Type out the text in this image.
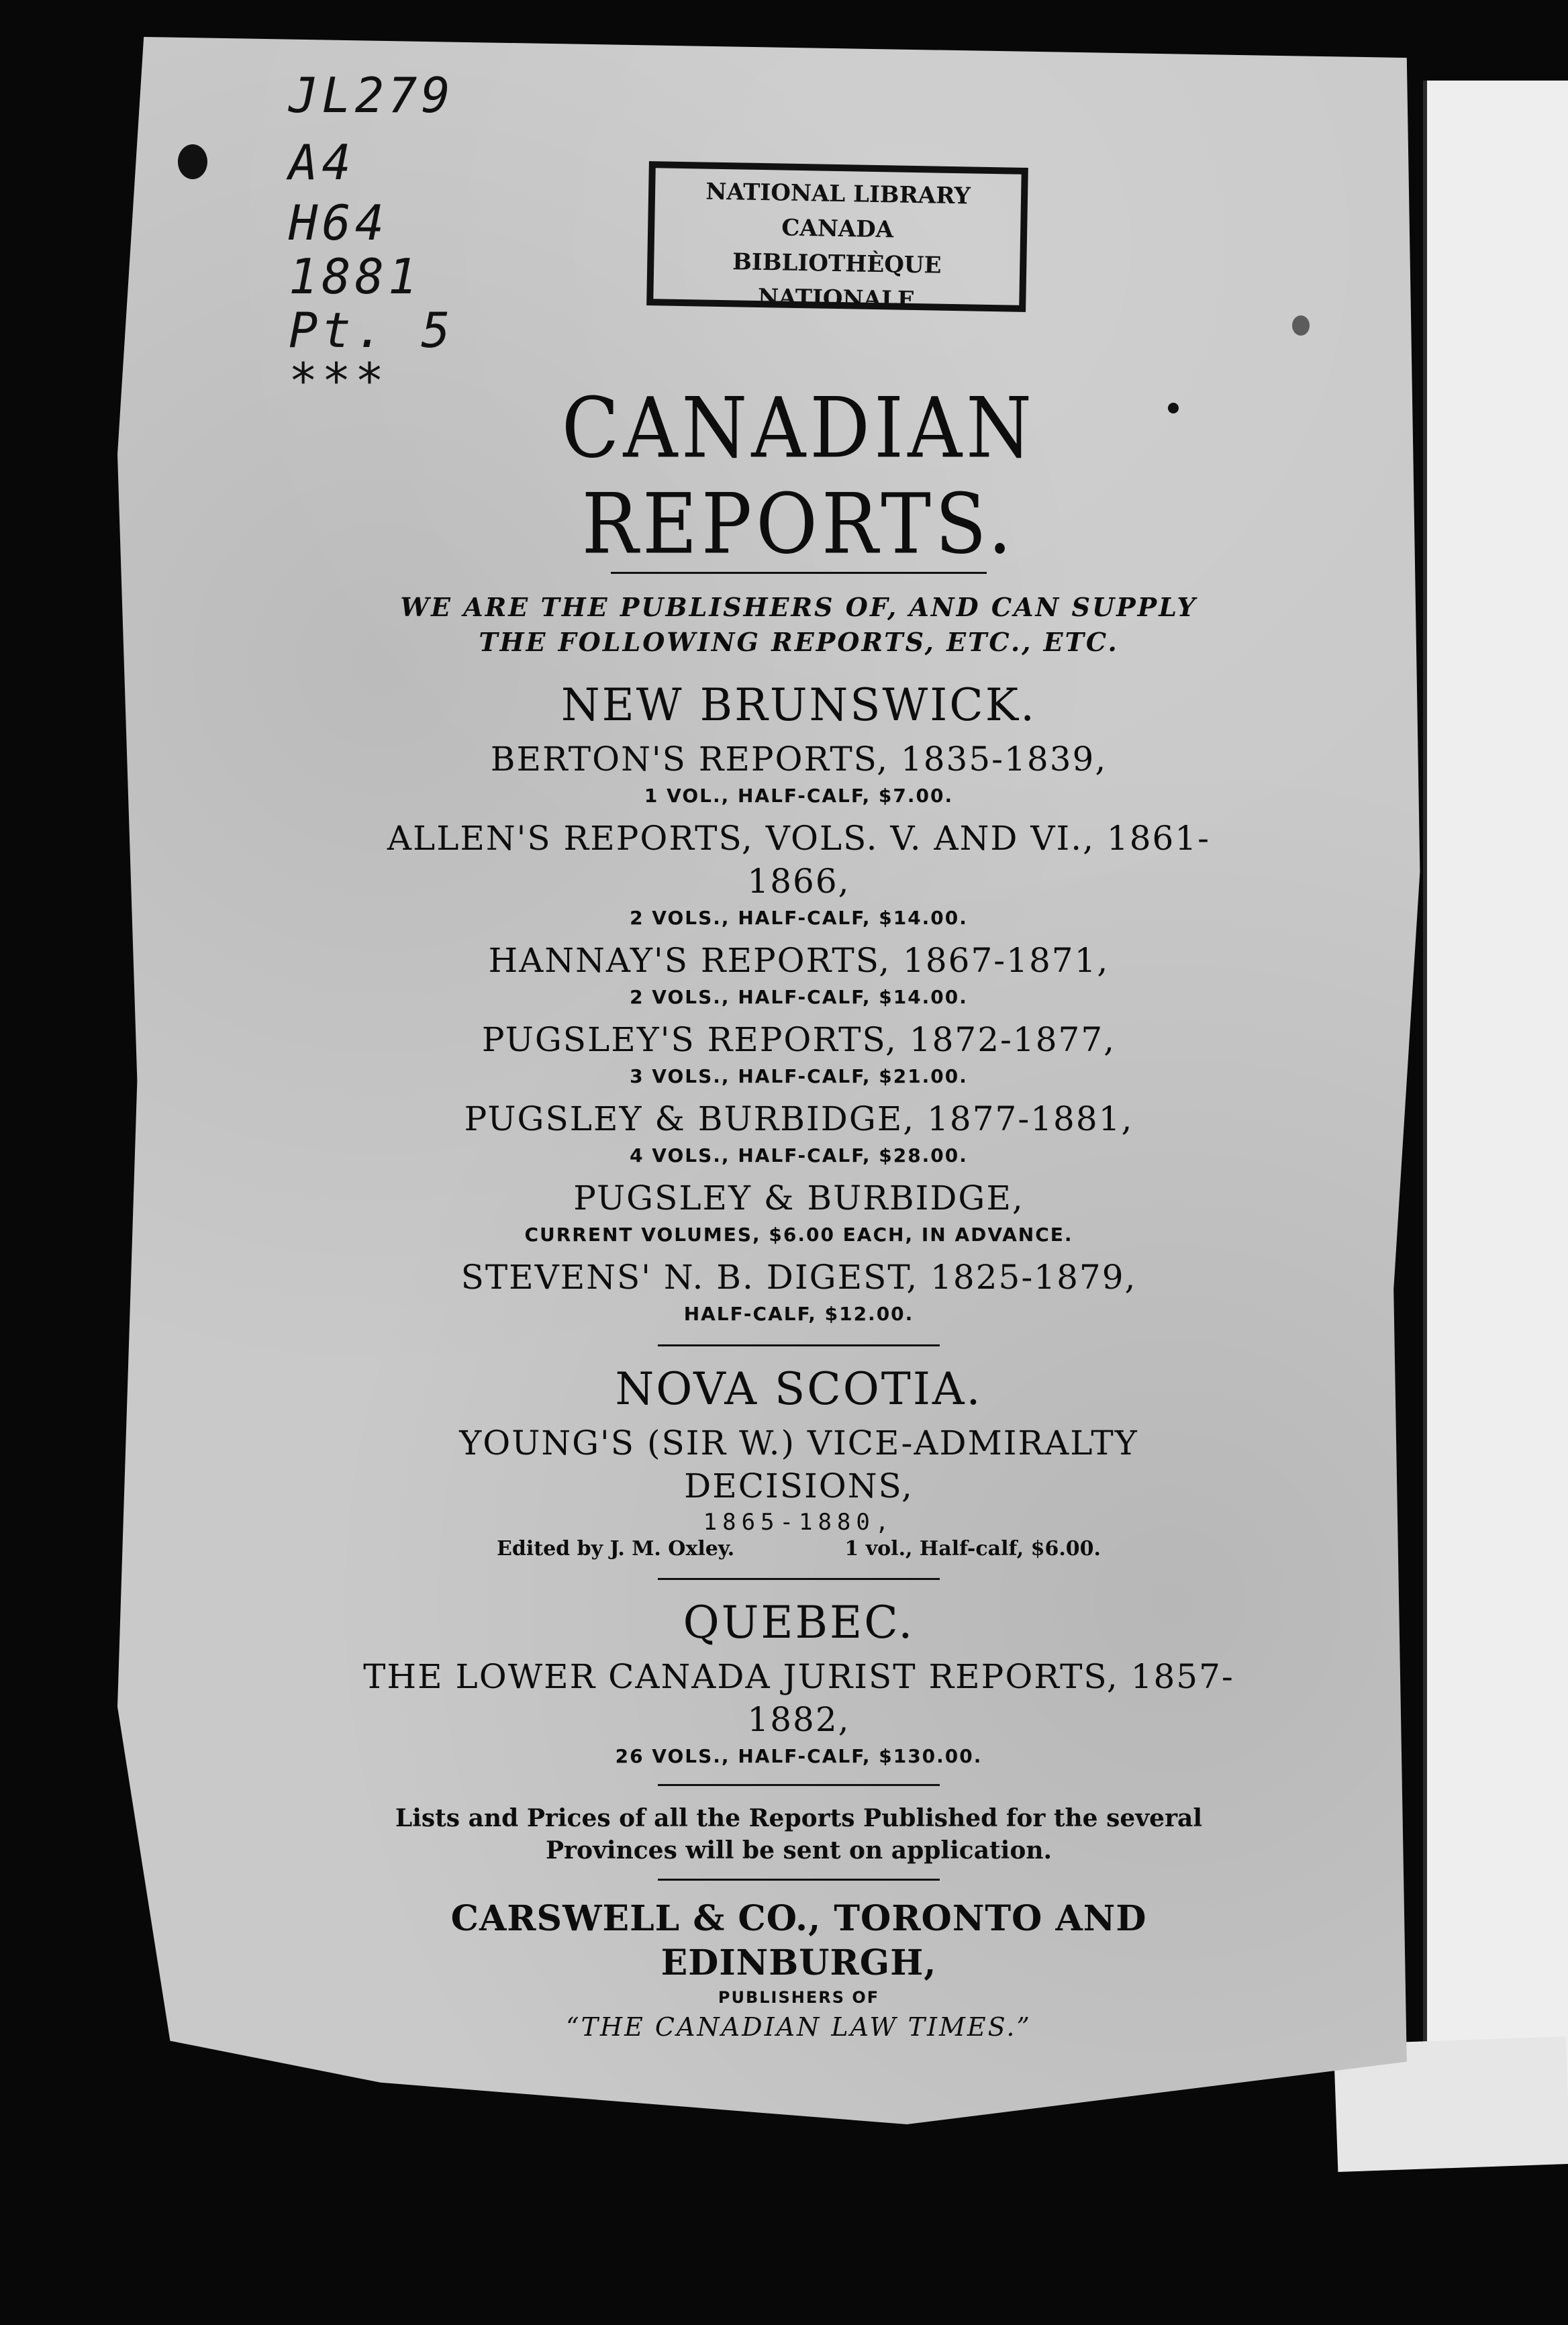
JL279
A4
H64
1881
Pt. 5
***
NATIONAL LIBRARY
CANADA
BIBLIOTHÈQUE NATIONALE
CANADIAN REPORTS.
WE ARE THE PUBLISHERS OF, AND CAN SUPPLY
THE FOLLOWING REPORTS, ETC., ETC.
NEW BRUNSWICK.
BERTON'S REPORTS, 1835-1839,
1 VOL., HALF-CALF, $7.00.
ALLEN'S REPORTS, VOLS. V. AND VI., 1861-1866,
2 VOLS., HALF-CALF, $14.00.
HANNAY'S REPORTS, 1867-1871,
2 VOLS., HALF-CALF, $14.00.
PUGSLEY'S REPORTS, 1872-1877,
3 VOLS., HALF-CALF, $21.00.
PUGSLEY & BURBIDGE, 1877-1881,
4 VOLS., HALF-CALF, $28.00.
PUGSLEY & BURBIDGE,
CURRENT VOLUMES, $6.00 EACH, IN ADVANCE.
STEVENS' N. B. DIGEST, 1825-1879,
HALF-CALF, $12.00.
NOVA SCOTIA.
YOUNG'S (SIR W.) VICE-ADMIRALTY DECISIONS,
1865-1880,
Edited by J. M. Oxley.	1 vol., Half-calf, $6.00.
QUEBEC.
THE LOWER CANADA JURIST REPORTS, 1857-1882,
26 VOLS., HALF-CALF, $130.00.
Lists and Prices of all the Reports Published for the several
Provinces will be sent on application.
CARSWELL & CO., TORONTO AND EDINBURGH,
PUBLISHERS OF
“THE CANADIAN LAW TIMES.”
